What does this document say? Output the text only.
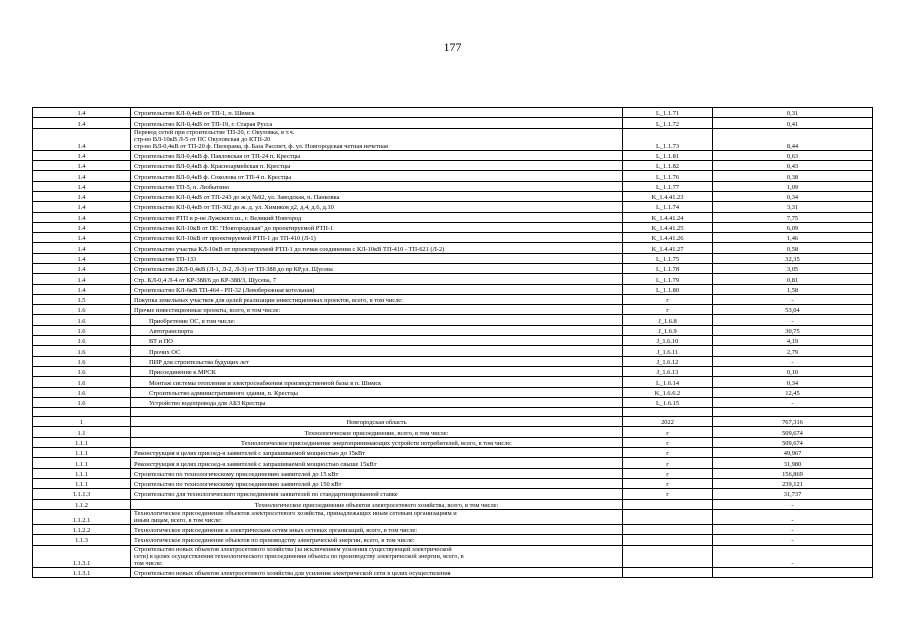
177
1.4	Строительство КЛ-0,4кВ от ТП-1, п. Шимск	L_1.1.71	0,31
1.4	Строительство КЛ-0,4кВ от ТП-19, г. Старая Русса	L_1.1.72	0,41
1.4	Перевод сетей при строительстве ТП-20, г. Окуловка, в т.ч.
стр-во ВЛ-10кВ Л-5 от ПС Окуловская до КТП-20
стр-во ВЛ-0,4кВ от ТП-20 ф. Пилорама, ф. База Рассвет, ф. ул. Новгородская четная нечетная	L_1.1.73	8,44
1.4	Строительство ВЛ-0,4кВ ф. Павловская от ТП-24 п. Крестцы	L_1.1.81	0,63
1.4	Строительство ВЛ-0,4кВ ф. Красноармейская п. Крестцы	L_1.1.82	0,43
1.4	Строительство ВЛ-0,4кВ ф. Соколова от ТП-4 п. Крестцы	L_1.1.76	0,38
1.4	Строительство ТП-5, п. Любытино	L_1.1.77	1,09
1.4	Строительство КЛ-0,4кВ от ТП-243 до ж/д №92, ул. Заводская, п. Панковка	K_1.4.41.23	0,34
1.4	Строительство КЛ-0,4кВ от ТП-302 до ж. д. ул. Химиков д2, д.4, д.6, д.10	L_1.1.74	3,31
1.4	Строительство РТП в р-не Лужского ш., г. Великий Новгород	K_1.4.41.24	7,75
1.4	Строительство КЛ-10кВ от ПС "Новгородская" до проектируемой РТП-1	K_1.4.41.25	6,09
1.4	Строительство КЛ-10кВ от проектируемой РТП-1 до ТП-410 (Л-1)	K_1.4.41.26	1,46
1.4	Строительство участка КЛ-10кВ от проектируемой РТП-1 до точки соединения с КЛ-10кВ ТП-410 - ТП-621 (Л-2)	K_1.4.41.27	0,58
1.4	Строительство ТП-133	L_1.1.75	32,35
1.4	Строительство 2КЛ-0,4кВ (Л-1, Л-2, Л-3) от ТП-388 до пр КР,ул. Щусева	L_1.1.78	3,05
1.4	Стр. КЛ-0,4 Л-4 от КР-388/6 до КР-388/3, Щусева, 7	L_1.1.79	0,81
1.4	Строительство КЛ-6кВ ТП-464 - РП-32 (Левобережная котельная)	L_1.1.80	1,58
1.5	Покупка земельных участков для целей реализации инвестиционных проектов, всего, в том числе:	г	-
1.6	Прочие инвестиционные проекты, всего, в том числе:	г	53,04
1.6	Приобретение ОС, в том числе:	J_1.6.8	-
1.6	Автотранспорта	J_1.6.9	30,75
1.6	ВТ и ПО	J_1.6.10	4,19
1.6	Прочих ОС	J_1.6.11	2,79
1.6	ПИР для строительства будущих лет	J_1.6.12	-
1.6	Присоединение к МРСК	J_1.6.13	0,10
1.6	Монтаж системы отопления и электроснабжения производственной базы в п. Шимск	L_1.6.14	0,34
1.6	Строительство административного здания, п. Крестцы	K_1.6.6.2	12,45
1.6	Устройство водопровода для АБЗ Крестцы	L_1.6.15	-

1	Новгородская область	2022	767,316
1.1	Технологическое присоединение, всего, в том числе:	г	509,674
1.1.1	Технологическое присоединение энергопринимающих устройств потребителей, всего, в том числе:	г	509,674
1.1.1	Реконструкция в целях присоед-я заявителей с запрашиваемой мощностью до 15кВт	г	49,967
1.1.1	Реконструкция в целях присоед-я заявителей с запрашиваемой мощностью свыше 15кВт	г	31,980
1.1.1	Строительство по технологическому присоединению заявителей до 15 кВт	г	156,869
1.1.1	Строительство по технологическому присоединению заявителей до 150 кВт	г	239,121
1.1.1.3	Строительство для технологического присоединения заявителей по стандартизированной ставке	г	31,737
1.1.2	Технологическое присоединение объектов электросетевого хозяйства, всего, в том числе:		-
1.1.2.1	Технологическое присоединение объектов электросетевого хозяйства, принадлежащих иным сетевым организациям и
иным лицам, всего, в том числе:		-
1.1.2.2	Технологическое присоединение к электрическим сетям иных сетевых организаций, всего, в том числе:		-
1.1.3	Технологическое присоединение объектов по производству электрической энергии, всего, в том числе:		-
1.1.3.1	Строительство новых объектов электросетевого хозяйства (за исключением усиления существующей электрической
сети) в целях осуществления технологического присоединения объекта по производству электрической энергии, всего, в
том числе:		-
1.1.3.1	Строительство новых объектов электросетевого хозяйства для усиления электрической сети в целях осуществления		
